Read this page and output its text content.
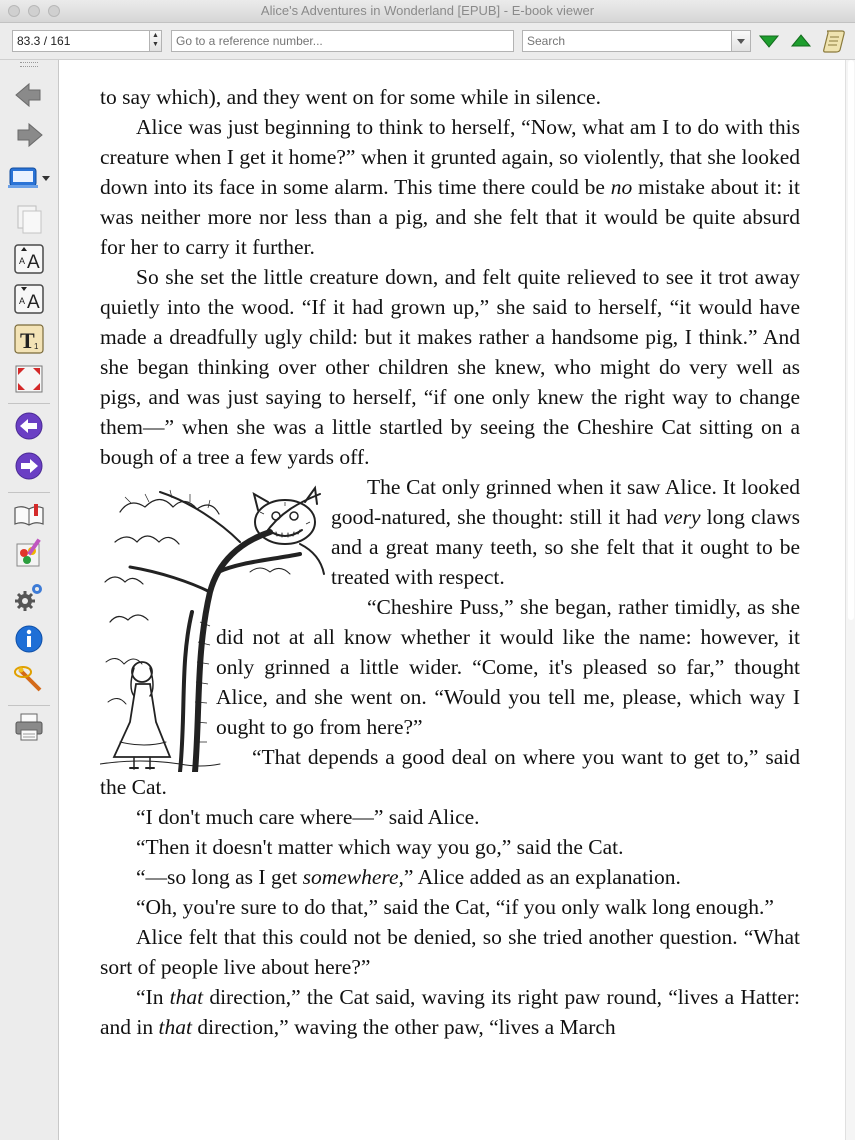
Alice's Adventures in Wonderland [EPUB] - E-book viewer
83.3 / 161	▲
▼
Go to a reference number...
Search
A A
A A
T 1

to say which), and they went on for some while in silence.

Alice was just beginning to think to herself, “Now, what am I to do with this creature when I get it home?” when it grunted again, so violently, that she looked down into its face in some alarm. This time there could be no mistake about it: it was neither more nor less than a pig, and she felt that it would be quite absurd for her to carry it further.

So she set the little creature down, and felt quite relieved to see it trot away quietly into the wood. “If it had grown up,” she said to herself, “it would have made a dreadfully ugly child: but it makes rather a handsome pig, I think.” And she began thinking over other children she knew, who might do very well as pigs, and was just saying to herself, “if one only knew the right way to change them—” when she was a little startled by seeing the Cheshire Cat sitting on a bough of a tree a few yards off.

The Cat only grinned when it saw Alice. It looked good-natured, she thought: still it had very long claws and a great many teeth, so she felt that it ought to be treated with respect.

“Cheshire Puss,” she began, rather timidly, as she did not at all know whether it would like the name: however, it only grinned a little wider. “Come, it's pleased so far,” thought Alice, and she went on. “Would you tell me, please, which way I ought to go from here?”

“That depends a good deal on where you want to get to,” said the Cat.

“I don't much care where—” said Alice.

“Then it doesn't matter which way you go,” said the Cat.

“—so long as I get somewhere,” Alice added as an explanation.

“Oh, you're sure to do that,” said the Cat, “if you only walk long enough.”

Alice felt that this could not be denied, so she tried another question. “What sort of people live about here?”

“In that direction,” the Cat said, waving its right paw round, “lives a Hatter: and in that direction,” waving the other paw, “lives a March
